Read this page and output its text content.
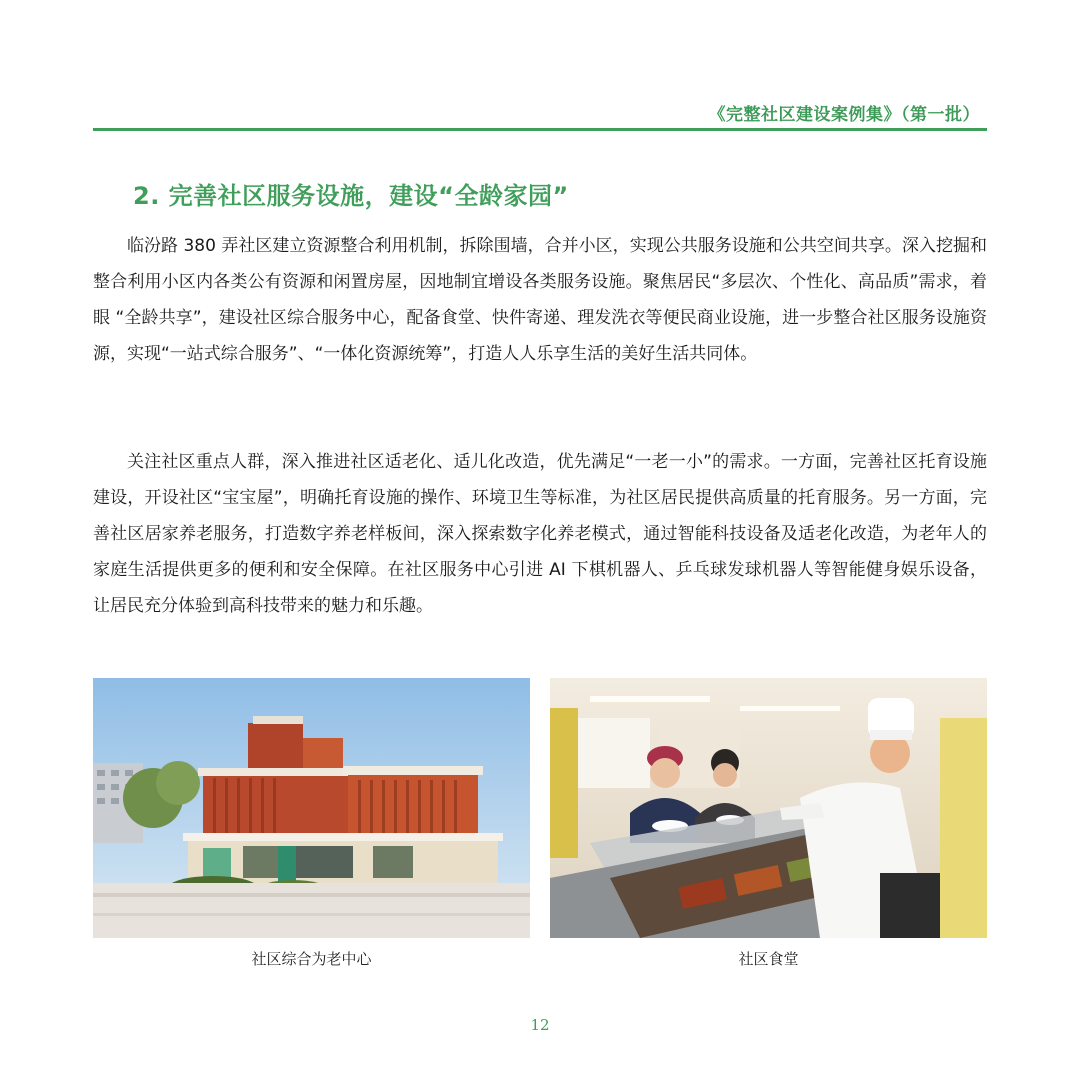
《完整社区建设案例集》（第一批）
2. 完善社区服务设施，建设“全龄家园”

临汾路 380 弄社区建立资源整合利用机制，拆除围墙，合并小区，实现公共服务设施和公共空间共享。深入挖掘和整合利用小区内各类公有资源和闲置房屋，因地制宜增设各类服务设施。聚焦居民“多层次、个性化、高品质”需求，着眼 “全龄共享”，建设社区综合服务中心，配备食堂、快件寄递、理发洗衣等便民商业设施，进一步整合社区服务设施资源，实现“一站式综合服务”、“一体化资源统筹”，打造人人乐享生活的美好生活共同体。

关注社区重点人群，深入推进社区适老化、适儿化改造，优先满足“一老一小”的需求。一方面，完善社区托育设施建设，开设社区“宝宝屋”，明确托育设施的操作、环境卫生等标准，为社区居民提供高质量的托育服务。另一方面，完善社区居家养老服务，打造数字养老样板间，深入探索数字化养老模式，通过智能科技设备及适老化改造，为老年人的家庭生活提供更多的便利和安全保障。在社区服务中心引进 AI 下棋机器人、乒乓球发球机器人等智能健身娱乐设备，让居民充分体验到高科技带来的魅力和乐趣。

社区综合为老中心	社区食堂
12
